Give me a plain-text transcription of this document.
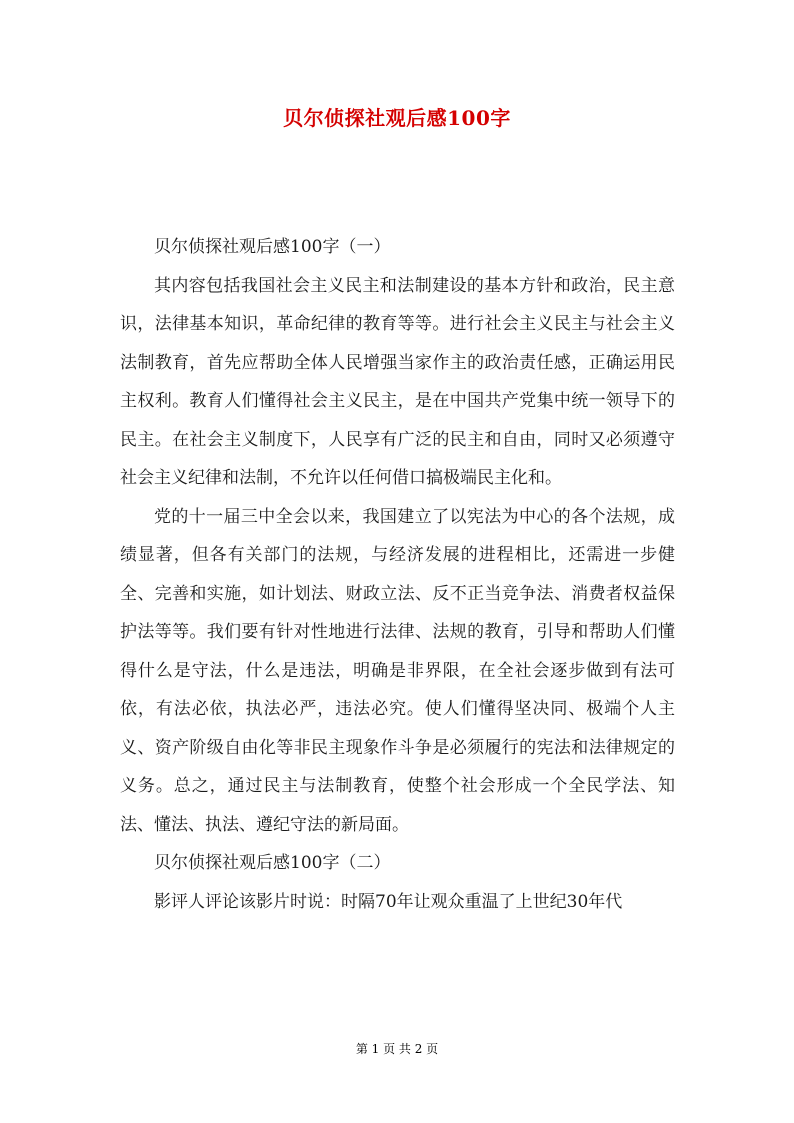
贝尔侦探社观后感100字

贝尔侦探社观后感100字（一）

其内容包括我国社会主义民主和法制建设的基本方针和政治，民主意识，法律基本知识，革命纪律的教育等等。进行社会主义民主与社会主义法制教育，首先应帮助全体人民增强当家作主的政治责任感，正确运用民主权利。教育人们懂得社会主义民主，是在中国共产党集中统一领导下的民主。在社会主义制度下，人民享有广泛的民主和自由，同时又必须遵守社会主义纪律和法制，不允许以任何借口搞极端民主化和。

党的十一届三中全会以来，我国建立了以宪法为中心的各个法规，成绩显著，但各有关部门的法规，与经济发展的进程相比，还需进一步健全、完善和实施，如计划法、财政立法、反不正当竞争法、消费者权益保护法等等。我们要有针对性地进行法律、法规的教育，引导和帮助人们懂得什么是守法，什么是违法，明确是非界限，在全社会逐步做到有法可依，有法必依，执法必严，违法必究。使人们懂得坚决同、极端个人主义、资产阶级自由化等非民主现象作斗争是必须履行的宪法和法律规定的义务。总之，通过民主与法制教育，使整个社会形成一个全民学法、知法、懂法、执法、遵纪守法的新局面。

贝尔侦探社观后感100字（二）

影评人评论该影片时说：时隔70年让观众重温了上世纪30年代

第 1 页 共 2 页
